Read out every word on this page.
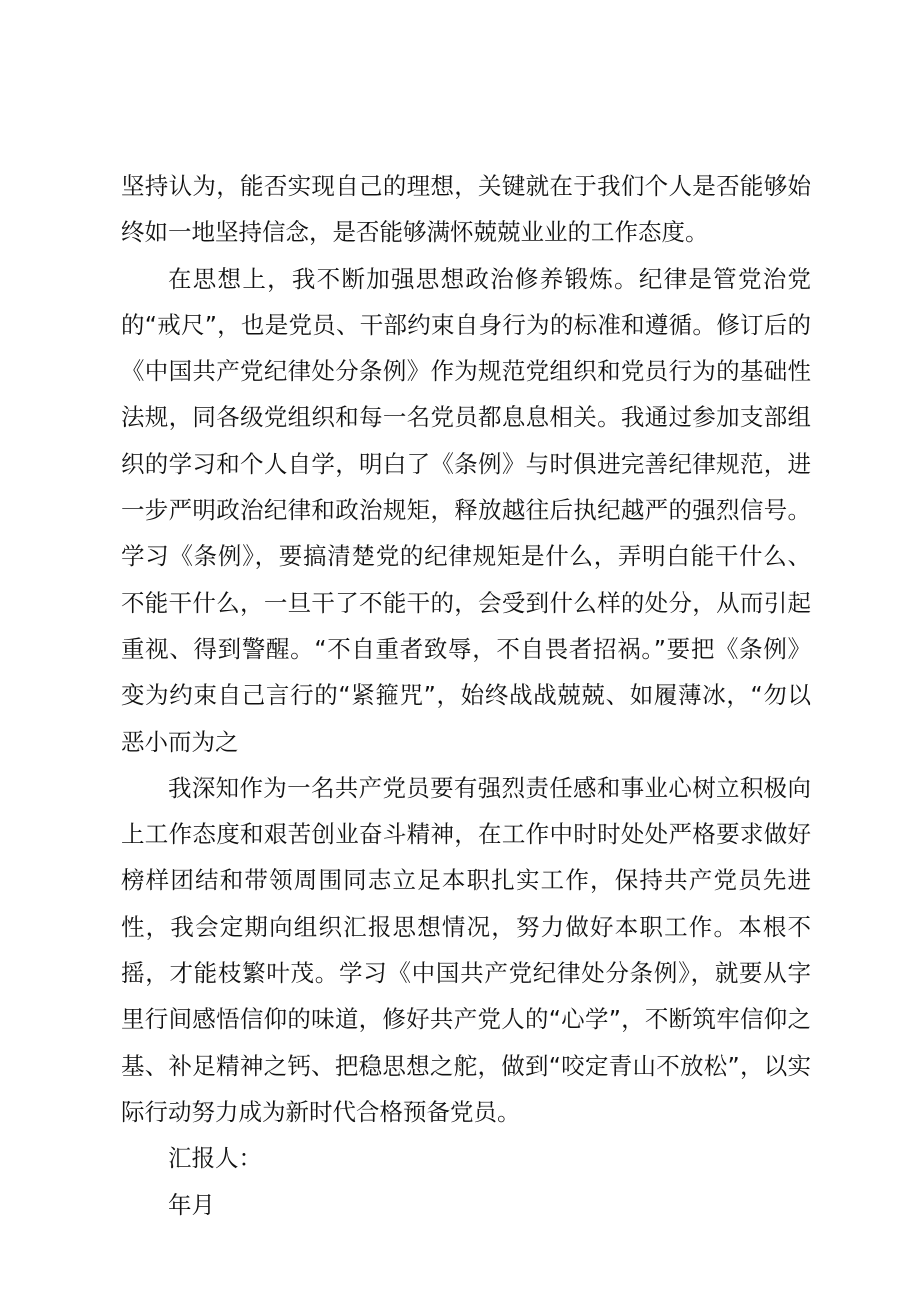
坚持认为，能否实现自己的理想，关键就在于我们个人是否能够始终如一地坚持信念，是否能够满怀兢兢业业的工作态度。

在思想上，我不断加强思想政治修养锻炼。纪律是管党治党的“戒尺”，也是党员、干部约束自身行为的标准和遵循。修订后的《中国共产党纪律处分条例》作为规范党组织和党员行为的基础性法规，同各级党组织和每一名党员都息息相关。我通过参加支部组织的学习和个人自学，明白了《条例》与时俱进完善纪律规范，进一步严明政治纪律和政治规矩，释放越往后执纪越严的强烈信号。学习《条例》，要搞清楚党的纪律规矩是什么，弄明白能干什么、不能干什么，一旦干了不能干的，会受到什么样的处分，从而引起重视、得到警醒。“不自重者致辱，不自畏者招祸。”要把《条例》变为约束自己言行的“紧箍咒”，始终战战兢兢、如履薄冰，“勿以恶小而为之

我深知作为一名共产党员要有强烈责任感和事业心树立积极向上工作态度和艰苦创业奋斗精神，在工作中时时处处严格要求做好榜样团结和带领周围同志立足本职扎实工作，保持共产党员先进性，我会定期向组织汇报思想情况，努力做好本职工作。本根不摇，才能枝繁叶茂。学习《中国共产党纪律处分条例》，就要从字里行间感悟信仰的味道，修好共产党人的“心学”，不断筑牢信仰之基、补足精神之钙、把稳思想之舵，做到“咬定青山不放松”，以实际行动努力成为新时代合格预备党员。

汇报人：

年月
